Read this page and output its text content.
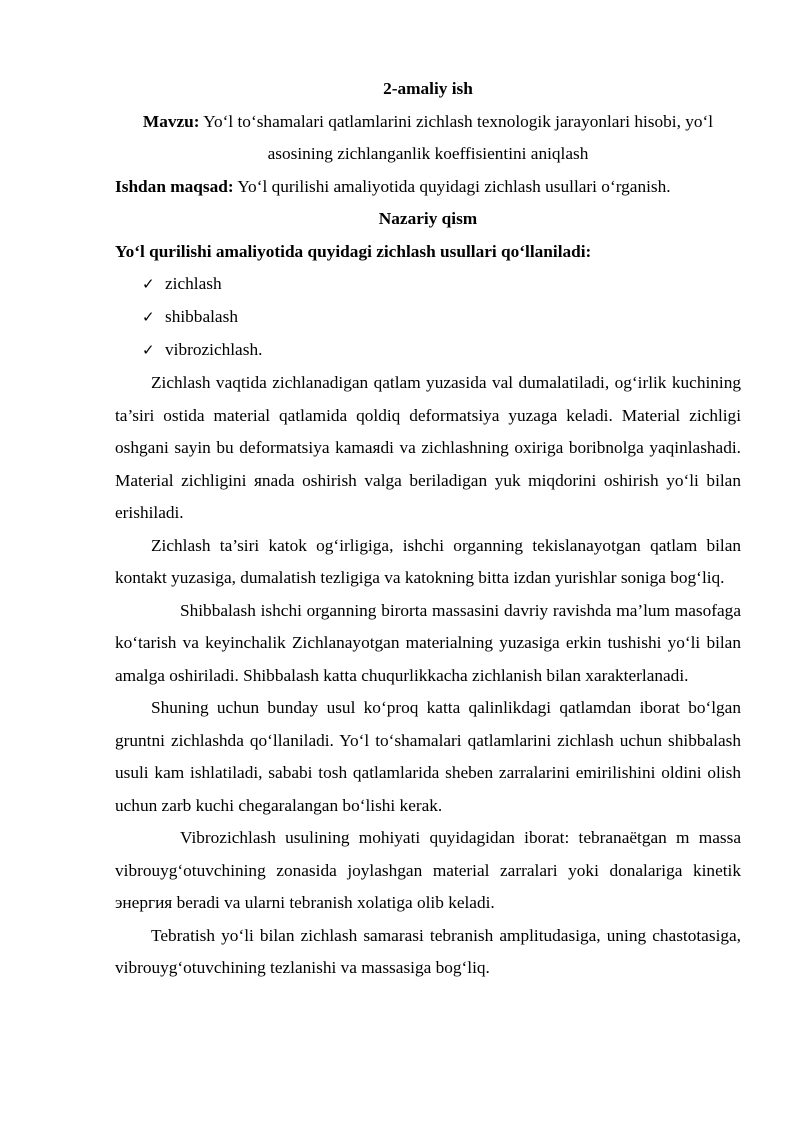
2-amaliy ish

Mavzu: Yo‘l to‘shamalari qatlamlarini zichlash texnologik jarayonlari hisobi, yo‘l asosining zichlanganlik koeffisientini aniqlash

Ishdan maqsad: Yo‘l qurilishi amaliyotida quyidagi zichlash usullari o‘rganish.

Nazariy qism

Yo‘l qurilishi amaliyotida quyidagi zichlash usullari qo‘llaniladi:

✓ zichlash
✓ shibbalash
✓ vibrozichlash.

Zichlash vaqtida zichlanadigan qatlam yuzasida val dumalatiladi, og‘irlik kuchining ta’siri ostida material qatlamida qoldiq deformatsiya yuzaga keladi. Material zichligi oshgani sayin bu deformatsiya kamaяdi va zichlashning oxiriga boribnolga yaqinlashadi. Material zichligini яnada oshirish valga beriladigan yuk miqdorini oshirish yo‘li bilan erishiladi.

Zichlash ta’siri katok og‘irligiga, ishchi organning tekislanayotgan qatlam bilan kontakt yuzasiga, dumalatish tezligiga va katokning bitta izdan yurishlar soniga bog‘liq.

Shibbalash ishchi organning birorta massasini davriy ravishda ma’lum masofaga ko‘tarish va keyinchalik Zichlanayotgan materialning yuzasiga erkin tushishi yo‘li bilan amalga oshiriladi. Shibbalash katta chuqurlikkacha zichlanish bilan xarakterlanadi.

Shuning uchun bunday usul ko‘proq katta qalinlikdagi qatlamdan iborat bo‘lgan gruntni zichlashda qo‘llaniladi. Yo‘l to‘shamalari qatlamlarini zichlash uchun shibbalash usuli kam ishlatiladi, sababi tosh qatlamlarida sheben zarralarini emirilishini oldini olish uchun zarb kuchi chegaralangan bo‘lishi kerak.

Vibrozichlash usulining mohiyati quyidagidan iborat: tebranaёtgan m massa vibrouyg‘otuvchining zonasida joylashgan material zarralari yoki donalariga kinetik энергия beradi va ularni tebranish xolatiga olib keladi.

Tebratish yo‘li bilan zichlash samarasi tebranish amplitudasiga, uning chastotasiga, vibrouyg‘otuvchining tezlanishi va massasiga bog‘liq.
